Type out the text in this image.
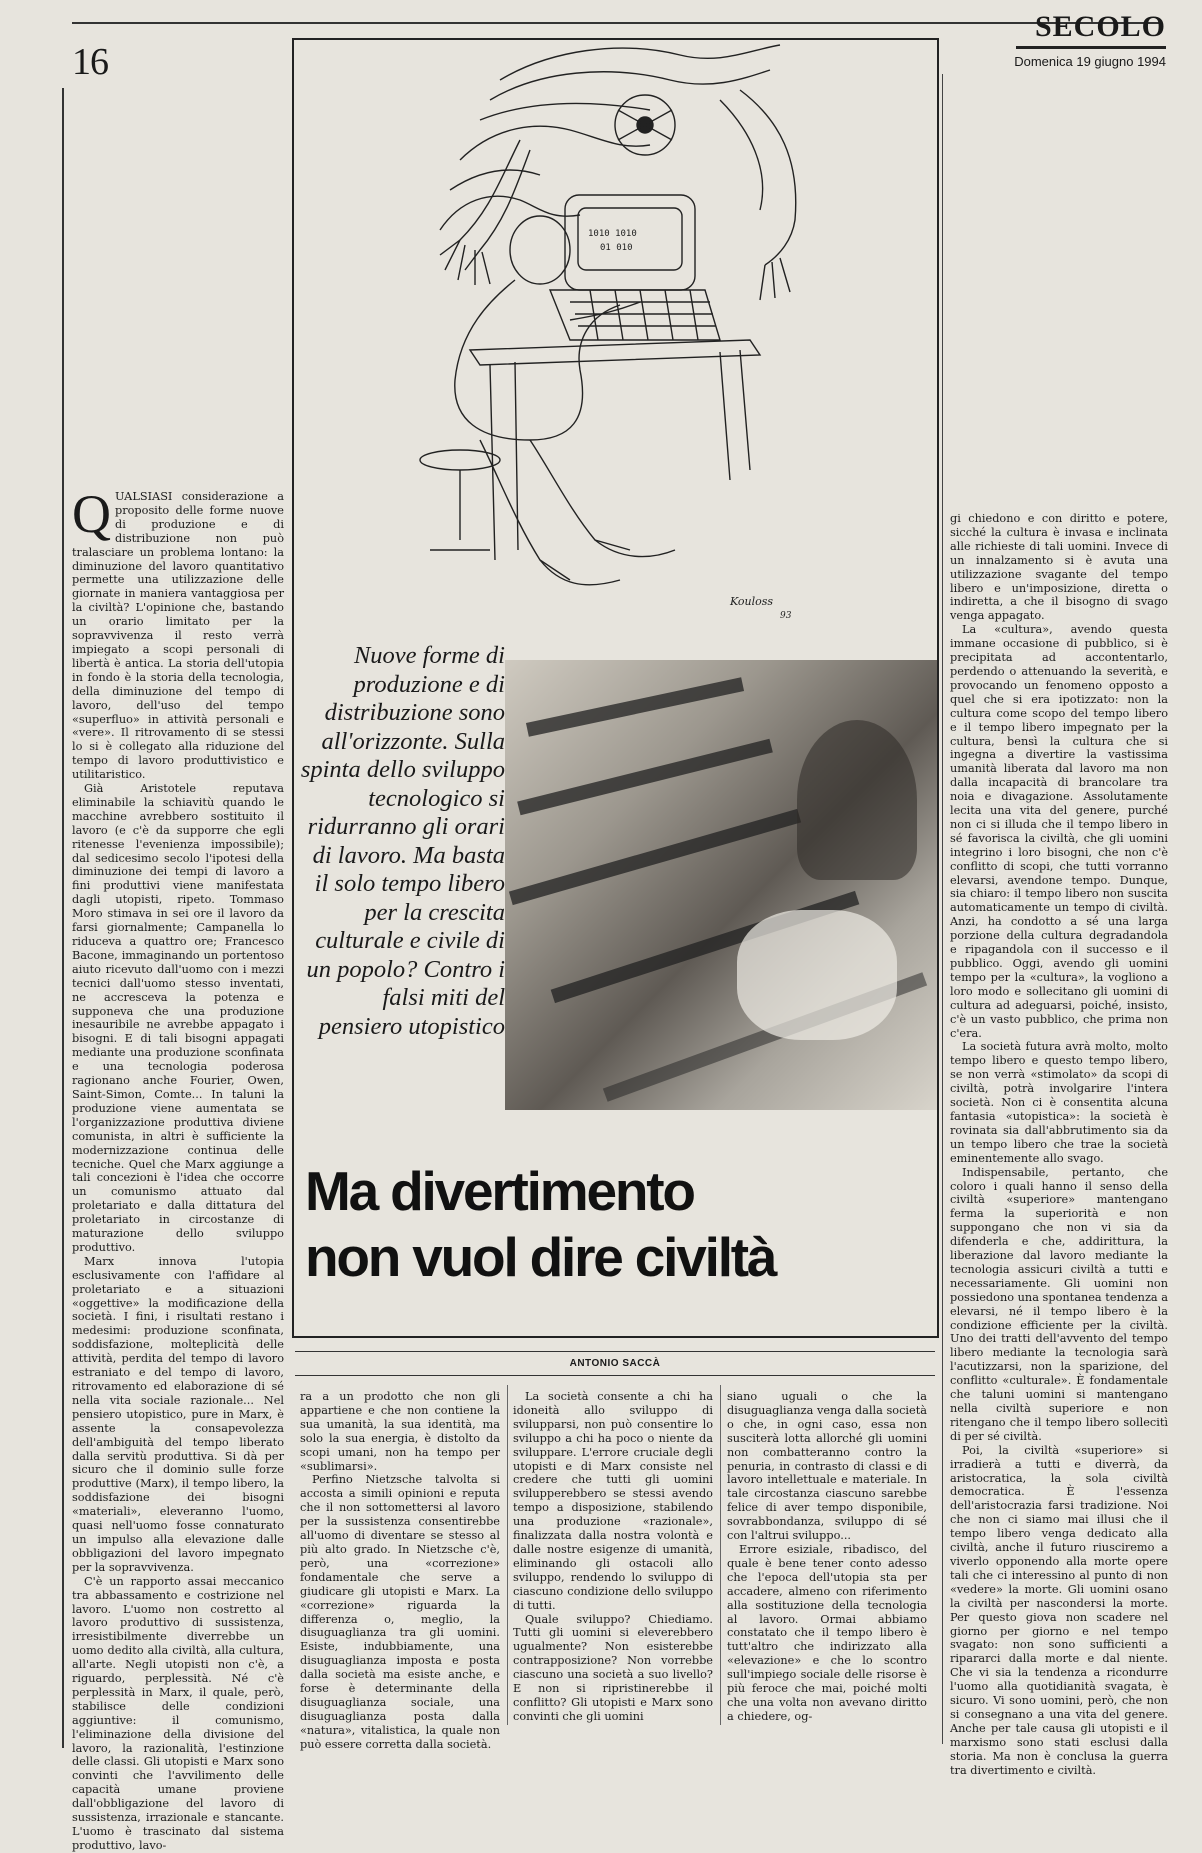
16
SECOLO
Domenica 19 giugno 1994
1010 1010
01 010
Kouloss
93
Nuove forme di produzione e di distribuzione sono all'orizzonte. Sulla spinta dello sviluppo tecnologico si ridurranno gli orari di lavoro. Ma basta il solo tempo libero per la crescita culturale e civile di un popolo? Contro i falsi miti del pensiero utopistico
Ma divertimento
non vuol dire civiltà
ANTONIO SACCÀ

QUALSIASI considerazione a proposito delle forme nuove di produzione e di distribuzione non può tralasciare un problema lontano: la diminuzione del lavoro quantitativo permette una utilizzazione delle giornate in maniera vantaggiosa per la civiltà? L'opinione che, bastando un orario limitato per la sopravvivenza il resto verrà impiegato a scopi personali di libertà è antica. La storia dell'utopia in fondo è la storia della tecnologia, della diminuzione del tempo di lavoro, dell'uso del tempo «superfluo» in attività personali e «vere». Il ritrovamento di se stessi lo si è collegato alla riduzione del tempo di lavoro produttivistico e utilitaristico.

Già Aristotele reputava eliminabile la schiavitù quando le macchine avrebbero sostituito il lavoro (e c'è da supporre che egli ritenesse l'evenienza impossibile); dal sedicesimo secolo l'ipotesi della diminuzione dei tempi di lavoro a fini produttivi viene manifestata dagli utopisti, ripeto. Tommaso Moro stimava in sei ore il lavoro da farsi giornalmente; Campanella lo riduceva a quattro ore; Francesco Bacone, immaginando un portentoso aiuto ricevuto dall'uomo con i mezzi tecnici dall'uomo stesso inventati, ne accresceva la potenza e supponeva che una produzione inesauribile ne avrebbe appagato i bisogni. E di tali bisogni appagati mediante una produzione sconfinata e una tecnologia poderosa ragionano anche Fourier, Owen, Saint-Simon, Comte... In taluni la produzione viene aumentata se l'organizzazione produttiva diviene comunista, in altri è sufficiente la modernizzazione continua delle tecniche. Quel che Marx aggiunge a tali concezioni è l'idea che occorre un comunismo attuato dal proletariato e dalla dittatura del proletariato in circostanze di maturazione dello sviluppo produttivo.

Marx innova l'utopia esclusivamente con l'affidare al proletariato e a situazioni «oggettive» la modificazione della società. I fini, i risultati restano i medesimi: produzione sconfinata, soddisfazione, molteplicità delle attività, perdita del tempo di lavoro estraniato e del tempo di lavoro, ritrovamento ed elaborazione di sé nella vita sociale razionale... Nel pensiero utopistico, pure in Marx, è assente la consapevolezza dell'ambiguità del tempo liberato dalla servitù produttiva. Si dà per sicuro che il dominio sulle forze produttive (Marx), il tempo libero, la soddisfazione dei bisogni «materiali», eleveranno l'uomo, quasi nell'uomo fosse connaturato un impulso alla elevazione dalle obbligazioni del lavoro impegnato per la sopravvivenza.

C'è un rapporto assai meccanico tra abbassamento e costrizione nel lavoro. L'uomo non costretto al lavoro produttivo di sussistenza, irresistibilmente diverrebbe un uomo dedito alla civiltà, alla cultura, all'arte. Negli utopisti non c'è, a riguardo, perplessità. Né c'è perplessità in Marx, il quale, però, stabilisce delle condizioni aggiuntive: il comunismo, l'eliminazione della divisione del lavoro, la razionalità, l'estinzione delle classi. Gli utopisti e Marx sono convinti che l'avvilimento delle capacità umane proviene dall'obbligazione del lavoro di sussistenza, irrazionale e stancante. L'uomo è trascinato dal sistema produttivo, lavo-

ra a un prodotto che non gli appartiene e che non contiene la sua umanità, la sua identità, ma solo la sua energia, è distolto da scopi umani, non ha tempo per «sublimarsi».

Perfino Nietzsche talvolta si accosta a simili opinioni e reputa che il non sottomettersi al lavoro per la sussistenza consentirebbe all'uomo di diventare se stesso al più alto grado. In Nietzsche c'è, però, una «correzione» fondamentale che serve a giudicare gli utopisti e Marx. La «correzione» riguarda la differenza o, meglio, la disuguaglianza tra gli uomini. Esiste, indubbiamente, una disuguaglianza imposta e posta dalla società ma esiste anche, e forse è determinante della disuguaglianza sociale, una disuguaglianza posta dalla «natura», vitalistica, la quale non può essere corretta dalla società.

La società consente a chi ha idoneità allo sviluppo di svilupparsi, non può consentire lo sviluppo a chi ha poco o niente da sviluppare. L'errore cruciale degli utopisti e di Marx consiste nel credere che tutti gli uomini svilupperebbero se stessi avendo tempo a disposizione, stabilendo una produzione «razionale», finalizzata dalla nostra volontà e dalle nostre esigenze di umanità, eliminando gli ostacoli allo sviluppo, rendendo lo sviluppo di ciascuno condizione dello sviluppo di tutti.

Quale sviluppo? Chiediamo. Tutti gli uomini si eleverebbero ugualmente? Non esisterebbe contrapposizione? Non vorrebbe ciascuno una società a suo livello? E non si ripristinerebbe il conflitto? Gli utopisti e Marx sono convinti che gli uomini

siano uguali o che la disuguaglianza venga dalla società o che, in ogni caso, essa non susciterà lotta allorché gli uomini non combatteranno contro la penuria, in contrasto di classi e di lavoro intellettuale e materiale. In tale circostanza ciascuno sarebbe felice di aver tempo disponibile, sovrabbondanza, sviluppo di sé con l'altrui sviluppo...

Errore esiziale, ribadisco, del quale è bene tener conto adesso che l'epoca dell'utopia sta per accadere, almeno con riferimento alla sostituzione della tecnologia al lavoro. Ormai abbiamo constatato che il tempo libero è tutt'altro che indirizzato alla «elevazione» e che lo scontro sull'impiego sociale delle risorse è più feroce che mai, poiché molti che una volta non avevano diritto a chiedere, og-

gi chiedono e con diritto e potere, sicché la cultura è invasa e inclinata alle richieste di tali uomini. Invece di un innalzamento si è avuta una utilizzazione svagante del tempo libero e un'imposizione, diretta o indiretta, a che il bisogno di svago venga appagato.

La «cultura», avendo questa immane occasione di pubblico, si è precipitata ad accontentarlo, perdendo o attenuando la severità, e provocando un fenomeno opposto a quel che si era ipotizzato: non la cultura come scopo del tempo libero e il tempo libero impegnato per la cultura, bensì la cultura che si ingegna a divertire la vastissima umanità liberata dal lavoro ma non dalla incapacità di brancolare tra noia e divagazione. Assolutamente lecita una vita del genere, purché non ci si illuda che il tempo libero in sé favorisca la civiltà, che gli uomini integrino i loro bisogni, che non c'è conflitto di scopi, che tutti vorranno elevarsi, avendone tempo. Dunque, sia chiaro: il tempo libero non suscita automaticamente un tempo di civiltà. Anzi, ha condotto a sé una larga porzione della cultura degradandola e ripagandola con il successo e il pubblico. Oggi, avendo gli uomini tempo per la «cultura», la vogliono a loro modo e sollecitano gli uomini di cultura ad adeguarsi, poiché, insisto, c'è un vasto pubblico, che prima non c'era.

La società futura avrà molto, molto tempo libero e questo tempo libero, se non verrà «stimolato» da scopi di civiltà, potrà involgarire l'intera società. Non ci è consentita alcuna fantasia «utopistica»: la società è rovinata sia dall'abbrutimento sia da un tempo libero che trae la società eminentemente allo svago.

Indispensabile, pertanto, che coloro i quali hanno il senso della civiltà «superiore» mantengano ferma la superiorità e non suppongano che non vi sia da difenderla e che, addirittura, la liberazione dal lavoro mediante la tecnologia assicuri civiltà a tutti e necessariamente. Gli uomini non possiedono una spontanea tendenza a elevarsi, né il tempo libero è la condizione efficiente per la civiltà. Uno dei tratti dell'avvento del tempo libero mediante la tecnologia sarà l'acutizzarsi, non la sparizione, del conflitto «culturale». È fondamentale che taluni uomini si mantengano nella civiltà superiore e non ritengano che il tempo libero sollecitì di per sé civiltà.

Poi, la civiltà «superiore» si irradierà a tutti e diverrà, da aristocratica, la sola civiltà democratica. È l'essenza dell'aristocrazia farsi tradizione. Noi che non ci siamo mai illusi che il tempo libero venga dedicato alla civiltà, anche il futuro riusciremo a viverlo opponendo alla morte opere tali che ci interessino al punto di non «vedere» la morte. Gli uomini osano la civiltà per nascondersi la morte. Per questo giova non scadere nel giorno per giorno e nel tempo svagato: non sono sufficienti a ripararci dalla morte e dal niente. Che vi sia la tendenza a ricondurre l'uomo alla quotidianità svagata, è sicuro. Vi sono uomini, però, che non si consegnano a una vita del genere. Anche per tale causa gli utopisti e il marxismo sono stati esclusi dalla storia. Ma non è conclusa la guerra tra divertimento e civiltà.
